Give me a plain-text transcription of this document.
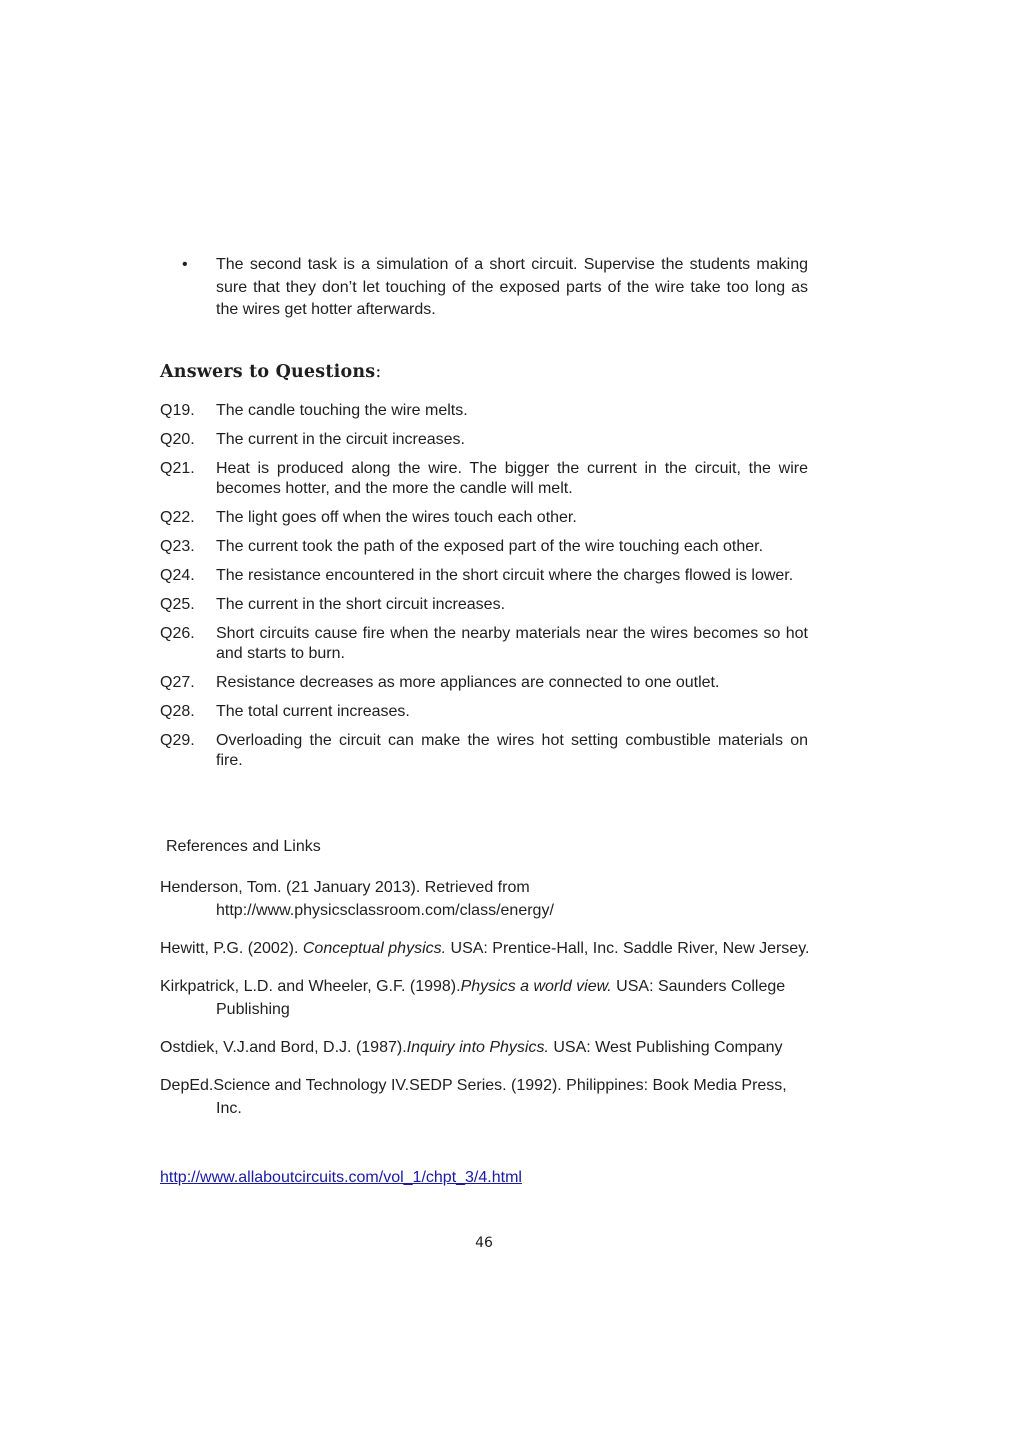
•	The second task is a simulation of a short circuit. Supervise the students making sure that they don’t let touching of the exposed parts of the wire take too long as the wires get hotter afterwards.
Answers to Questions:
Q19.	The candle touching the wire melts.
Q20.	The current in the circuit increases.
Q21.	Heat is produced along the wire. The bigger the current in the circuit, the wire becomes hotter, and the more the candle will melt.
Q22.	The light goes off when the wires touch each other.
Q23.	The current took the path of the exposed part of the wire touching each other.
Q24.	The resistance encountered in the short circuit where the charges flowed is lower.
Q25.	The current in the short circuit increases.
Q26.	Short circuits cause fire when the nearby materials near the wires becomes so hot and starts to burn.
Q27.	Resistance decreases as more appliances are connected to one outlet.
Q28.	The total current increases.
Q29.	Overloading the circuit can make the wires hot setting combustible materials on fire.
References and Links
Henderson, Tom. (21 January 2013). Retrieved from http://www.physicsclassroom.com/class/energy/
Hewitt, P.G. (2002). Conceptual physics. USA: Prentice-Hall, Inc. Saddle River, New Jersey.
Kirkpatrick, L.D. and Wheeler, G.F. (1998).Physics a world view. USA: Saunders College Publishing
Ostdiek, V.J.and Bord, D.J. (1987).Inquiry into Physics. USA: West Publishing Company
DepEd.Science and Technology IV.SEDP Series. (1992). Philippines: Book Media Press, Inc.
http://www.allaboutcircuits.com/vol_1/chpt_3/4.html
46
